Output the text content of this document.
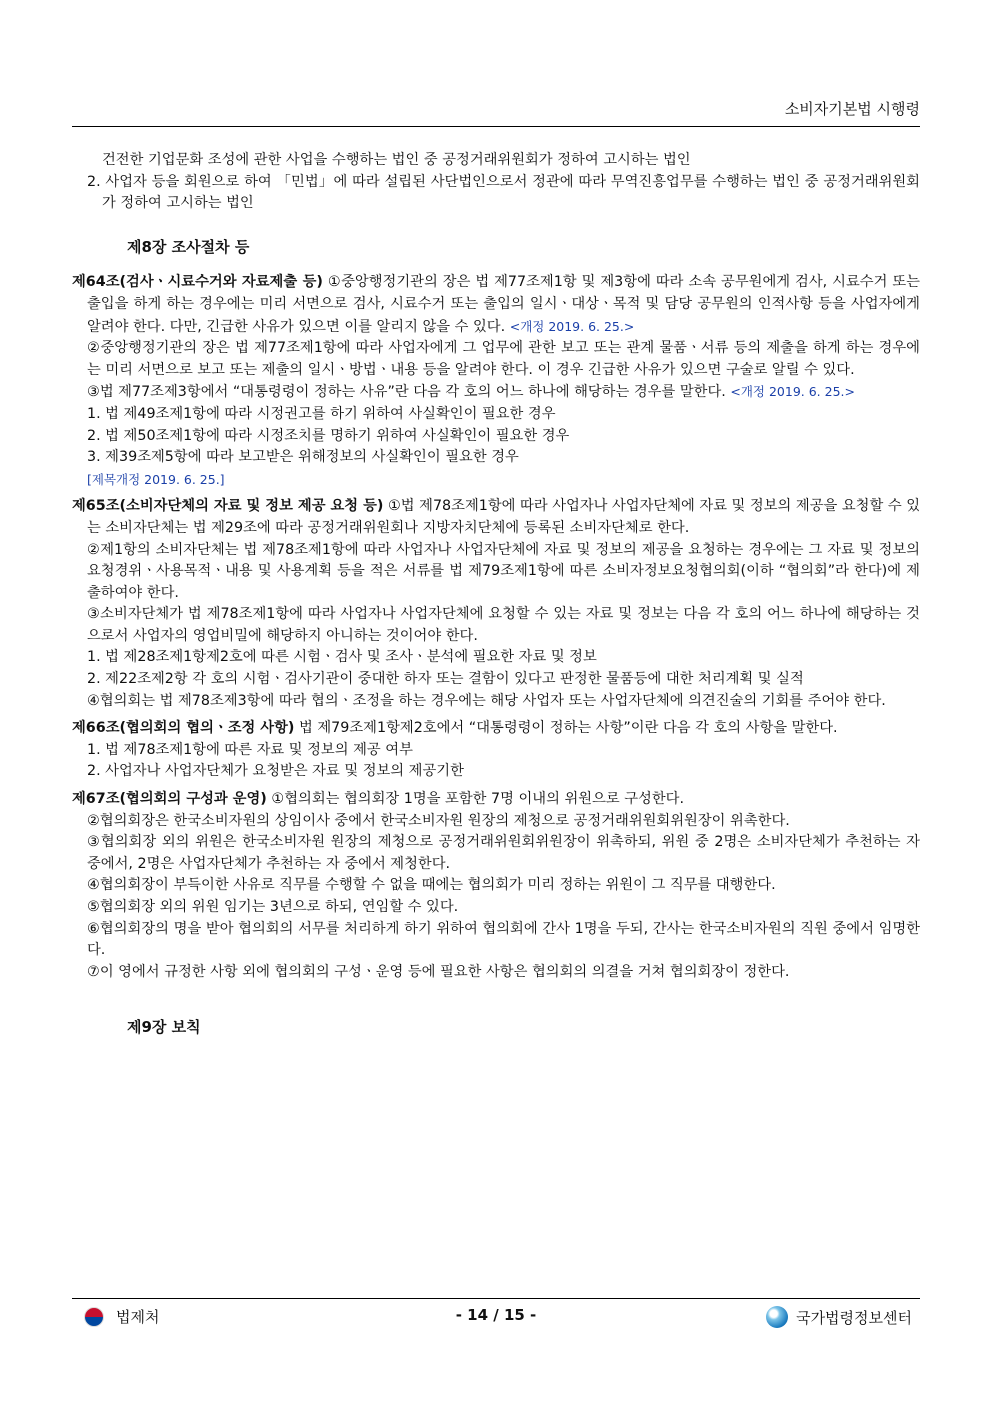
소비자기본법 시행령

건전한 기업문화 조성에 관한 사업을 수행하는 법인 중 공정거래위원회가 정하여 고시하는 법인

2. 사업자 등을 회원으로 하여 「민법」에 따라 설립된 사단법인으로서 정관에 따라 무역진흥업무를 수행하는 법인 중 공정거래위원회가 정하여 고시하는 법인

제8장 조사절차 등

제64조(검사ㆍ시료수거와 자료제출 등) ①중앙행정기관의 장은 법 제77조제1항 및 제3항에 따라 소속 공무원에게 검사, 시료수거 또는 출입을 하게 하는 경우에는 미리 서면으로 검사, 시료수거 또는 출입의 일시ㆍ대상ㆍ목적 및 담당 공무원의 인적사항 등을 사업자에게 알려야 한다. 다만, 긴급한 사유가 있으면 이를 알리지 않을 수 있다. <개정 2019. 6. 25.>

②중앙행정기관의 장은 법 제77조제1항에 따라 사업자에게 그 업무에 관한 보고 또는 관계 물품ㆍ서류 등의 제출을 하게 하는 경우에는 미리 서면으로 보고 또는 제출의 일시ㆍ방법ㆍ내용 등을 알려야 한다. 이 경우 긴급한 사유가 있으면 구술로 알릴 수 있다.

③법 제77조제3항에서 “대통령령이 정하는 사유”란 다음 각 호의 어느 하나에 해당하는 경우를 말한다. <개정 2019. 6. 25.>

1. 법 제49조제1항에 따라 시정권고를 하기 위하여 사실확인이 필요한 경우

2. 법 제50조제1항에 따라 시정조치를 명하기 위하여 사실확인이 필요한 경우

3. 제39조제5항에 따라 보고받은 위해정보의 사실확인이 필요한 경우

[제목개정 2019. 6. 25.]

제65조(소비자단체의 자료 및 정보 제공 요청 등) ①법 제78조제1항에 따라 사업자나 사업자단체에 자료 및 정보의 제공을 요청할 수 있는 소비자단체는 법 제29조에 따라 공정거래위원회나 지방자치단체에 등록된 소비자단체로 한다.

②제1항의 소비자단체는 법 제78조제1항에 따라 사업자나 사업자단체에 자료 및 정보의 제공을 요청하는 경우에는 그 자료 및 정보의 요청경위ㆍ사용목적ㆍ내용 및 사용계획 등을 적은 서류를 법 제79조제1항에 따른 소비자정보요청협의회(이하 “협의회”라 한다)에 제출하여야 한다.

③소비자단체가 법 제78조제1항에 따라 사업자나 사업자단체에 요청할 수 있는 자료 및 정보는 다음 각 호의 어느 하나에 해당하는 것으로서 사업자의 영업비밀에 해당하지 아니하는 것이어야 한다.

1. 법 제28조제1항제2호에 따른 시험ㆍ검사 및 조사ㆍ분석에 필요한 자료 및 정보

2. 제22조제2항 각 호의 시험ㆍ검사기관이 중대한 하자 또는 결함이 있다고 판정한 물품등에 대한 처리계획 및 실적

④협의회는 법 제78조제3항에 따라 협의ㆍ조정을 하는 경우에는 해당 사업자 또는 사업자단체에 의견진술의 기회를 주어야 한다.

제66조(협의회의 협의ㆍ조정 사항) 법 제79조제1항제2호에서 “대통령령이 정하는 사항”이란 다음 각 호의 사항을 말한다.

1. 법 제78조제1항에 따른 자료 및 정보의 제공 여부

2. 사업자나 사업자단체가 요청받은 자료 및 정보의 제공기한

제67조(협의회의 구성과 운영) ①협의회는 협의회장 1명을 포함한 7명 이내의 위원으로 구성한다.

②협의회장은 한국소비자원의 상임이사 중에서 한국소비자원 원장의 제청으로 공정거래위원회위원장이 위촉한다.

③협의회장 외의 위원은 한국소비자원 원장의 제청으로 공정거래위원회위원장이 위촉하되, 위원 중 2명은 소비자단체가 추천하는 자 중에서, 2명은 사업자단체가 추천하는 자 중에서 제청한다.

④협의회장이 부득이한 사유로 직무를 수행할 수 없을 때에는 협의회가 미리 정하는 위원이 그 직무를 대행한다.

⑤협의회장 외의 위원 임기는 3년으로 하되, 연임할 수 있다.

⑥협의회장의 명을 받아 협의회의 서무를 처리하게 하기 위하여 협의회에 간사 1명을 두되, 간사는 한국소비자원의 직원 중에서 임명한다.

⑦이 영에서 규정한 사항 외에 협의회의 구성ㆍ운영 등에 필요한 사항은 협의회의 의결을 거쳐 협의회장이 정한다.

제9장 보칙
법제처	- 14 / 15 -	국가법령정보센터
